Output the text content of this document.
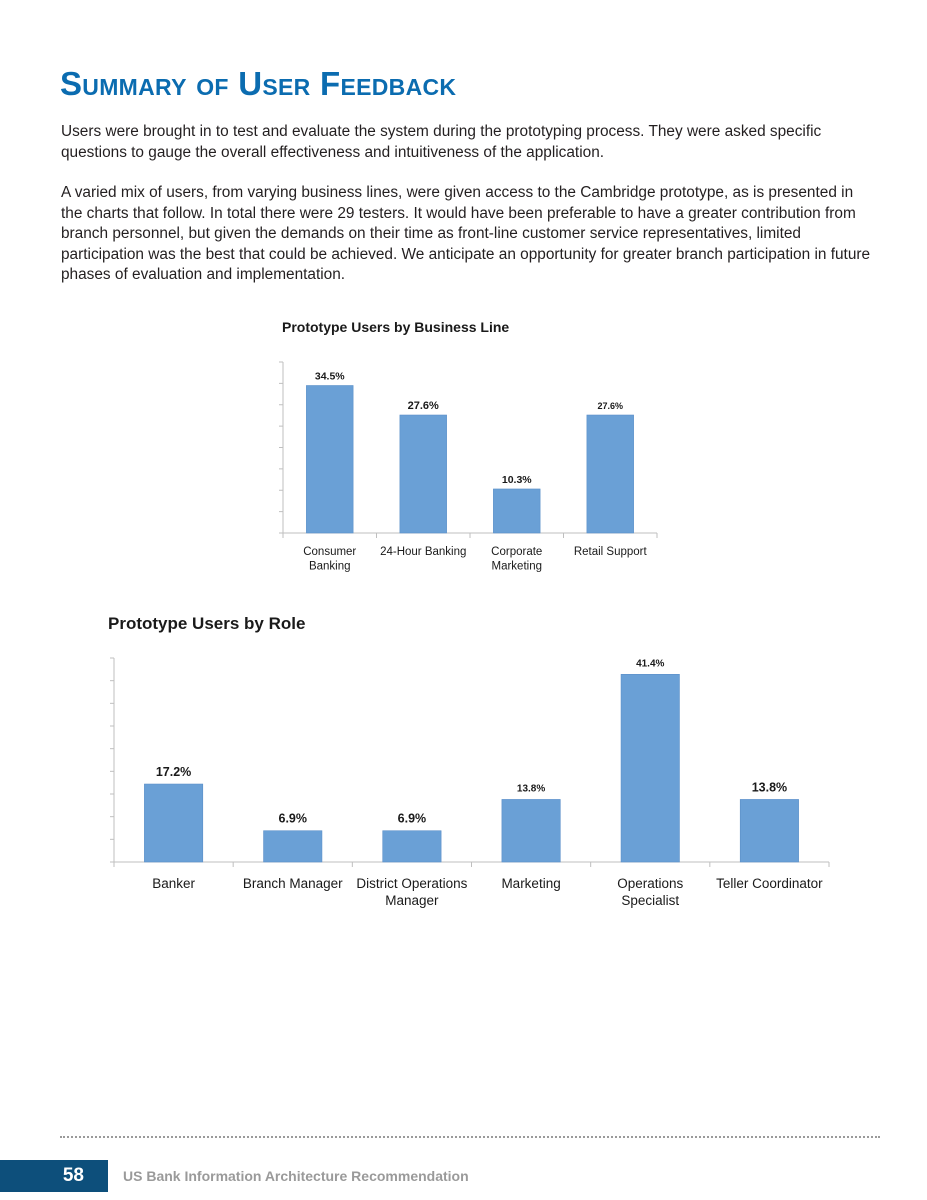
Summary of User Feedback

Users were brought in to test and evaluate the system during the prototyping process. They were asked specific questions to gauge the overall effectiveness and intuitiveness of the application.

A varied mix of users, from varying business lines, were given access to the Cambridge prototype, as is presented in the charts that follow. In total there were 29 testers. It would have been preferable to have a greater contribution from branch personnel, but given the demands on their time as front-line customer service representatives, limited participation was the best that could be achieved. We anticipate an opportunity for greater branch participation in future phases of evaluation and implementation.

Prototype Users by Business Line
34.5%
Consumer
Banking
27.6%
24-Hour Banking
10.3%
Corporate
Marketing
27.6%
Retail Support
Prototype Users by Role
17.2%
Banker
6.9%
Branch Manager
6.9%
District Operations
Manager
13.8%
Marketing
41.4%
Operations
Specialist
13.8%
Teller Coordinator
58	US Bank Information Architecture Recommendation
